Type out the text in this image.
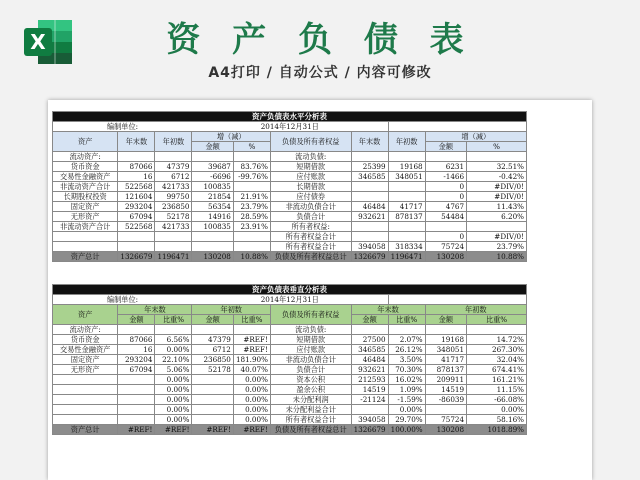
X	资 产 负 债 表
A4打印 / 自动公式 / 内容可修改
资产负债表水平分析表									
编制单位:			2014年12月31日						
资产	年末数	年初数	增（减）		负债及所有者权益	年末数	年初数	增（减）	
			金额	%				金额	%
流动资产:					流动负债:				
货币资金	87066	47379	39687	83.76%	短期借款	25399	19168	6231	32.51%
交易性金融资产	16	6712	-6696	-99.76%	应付账款	346585	348051	-1466	-0.42%
非流动资产合计	522568	421733	100835		长期借款			0	#DIV/0!
长期股权投资	121604	99750	21854	21.91%	应付债券			0	#DIV/0!
固定资产	293204	236850	56354	23.79%	非流动负债合计	46484	41717	4767	11.43%
无形资产	67094	52178	14916	28.59%	负债合计	932621	878137	54484	6.20%
非流动资产合计	522568	421733	100835	23.91%	所有者权益:				
					所有者权益合计			0	#DIV/0!
					所有者权益合计	394058	318334	75724	23.79%
资产总计	1326679	1196471	130208	10.88%	负债及所有者权益总计	1326679	1196471	130208	10.88%
资产负债表垂直分析表									
编制单位:			2014年12月31日						
资产	年末数		年初数		负债及所有者权益	年末数		年初数	
	金额	比重%	金额	比重%		金额	比重%	金额	比重%
流动资产:					流动负债:				
货币资金	87066	6.56%	47379	#REF!	短期借款	27500	2.07%	19168	14.72%
交易性金融资产	16	0.00%	6712	#REF!	应付账款	346585	26.12%	348051	267.30%
固定资产	293204	22.10%	236850	181.90%	非流动负债合计	46484	3.50%	41717	32.04%
无形资产	67094	5.06%	52178	40.07%	负债合计	932621	70.30%	878137	674.41%
		0.00%		0.00%	资本公积	212593	16.02%	209911	161.21%
		0.00%		0.00%	盈余公积	14519	1.09%	14519	11.15%
		0.00%		0.00%	未分配利润	-21124	-1.59%	-86039	-66.08%
		0.00%		0.00%	未分配利益合计		0.00%		0.00%
		0.00%		0.00%	所有者权益合计	394058	29.70%	75724	58.16%
资产总计	#REF!	#REF!	#REF!	#REF!	负债及所有者权益总计	1326679	100.00%	130208	1018.89%
